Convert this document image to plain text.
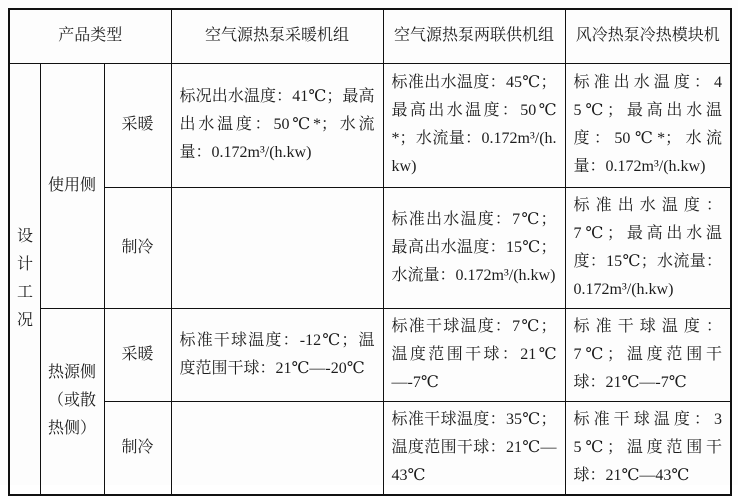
产品类型			空气源热泵采暖机组	空气源热泵两联供机组	风冷热泵冷热模块机
设计工况	使用侧	采暖	标况出水温度：41℃；最高出水温度：50℃*；水流量：0.172m³/(h.kw)	标准出水温度：45℃；最高出水温度：50℃*；水流量：0.172m³/(h.kw)	标准出水温度：45℃；最高出水温度：50℃*；水流量：0.172m³/(h.kw)
		制冷		标准出水温度：7℃；最高出水温度：15℃；水流量：0.172m³/(h.kw)	标准出水温度：7℃；最高出水温度：15℃；水流量：0.172m³/(h.kw)
	热源侧（或散热侧）	采暖	标准干球温度：-12℃；温度范围干球：21℃—-20℃	标准干球温度：7℃；温度范围干球：21℃—-7℃	标准干球温度：7℃；温度范围干球：21℃—-7℃
		制冷		标准干球温度：35℃；温度范围干球：21℃—43℃	标准干球温度：35℃；温度范围干球：21℃—43℃
